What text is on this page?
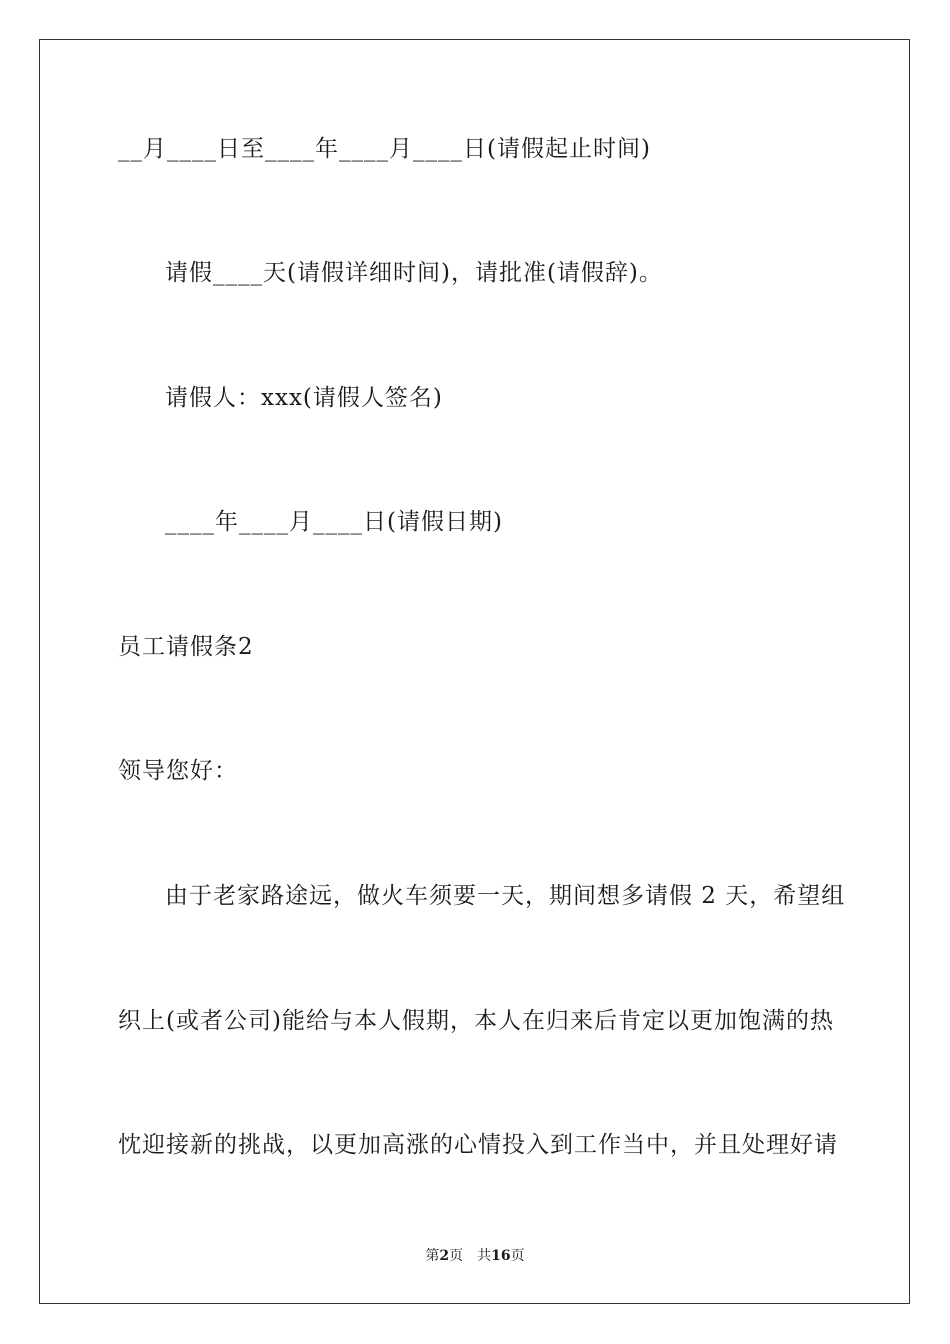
__月____日至____年____月____日(请假起止时间)
请假____天(请假详细时间)，请批准(请假辞)。
请假人：xxx(请假人签名)
____年____月____日(请假日期)
员工请假条2
领导您好：
由于老家路途远，做火车须要一天，期间想多请假 2 天，希望组
织上(或者公司)能给与本人假期，本人在归来后肯定以更加饱满的热
忱迎接新的挑战，以更加高涨的心情投入到工作当中，并且处理好请
第2页 共16页
